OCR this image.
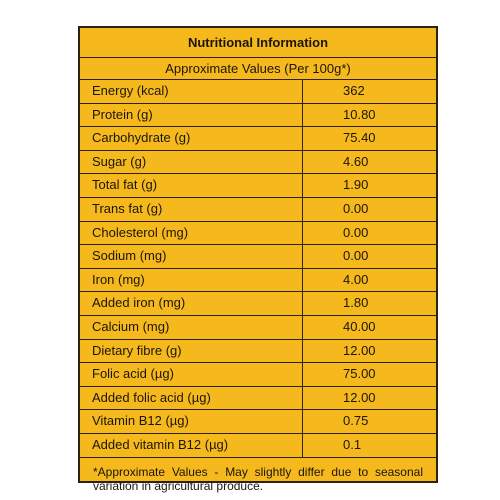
Nutritional Information
Approximate Values (Per 100g*)
Energy (kcal)	362
Protein (g)	10.80
Carbohydrate (g)	75.40
Sugar (g)	4.60
Total fat (g)	1.90
Trans fat (g)	0.00
Cholesterol (mg)	0.00
Sodium (mg)	0.00
Iron (mg)	4.00
Added iron (mg)	1.80
Calcium (mg)	40.00
Dietary fibre (g)	12.00
Folic acid (µg)	75.00
Added folic acid (µg)	12.00
Vitamin B12 (µg)	0.75
Added vitamin B12 (µg)	0.1
*Approximate Values - May slightly differ due to seasonal variation in agricultural produce.
